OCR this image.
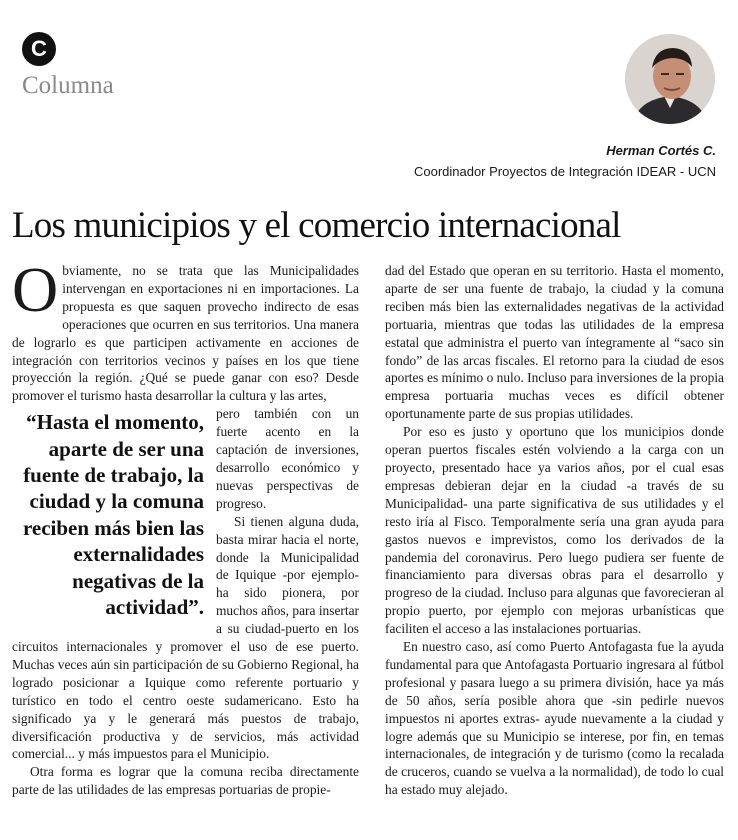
C
Columna
Herman Cortés C.
Coordinador Proyectos de Integración IDEAR - UCN
Los municipios y el comercio internacional

Obviamente, no se trata que las Municipalidades intervengan en exportaciones ni en importaciones. La propuesta es que saquen provecho indirecto de esas operaciones que ocurren en sus territorios. Una manera de lograrlo es que participen activamente en acciones de integración con territorios vecinos y países en los que tiene proyección la región. ¿Qué se puede ganar con eso? Desde promover el turismo hasta desarrollar la cultura y las artes,

“Hasta el momento, aparte de ser una fuente de trabajo, la ciudad y la comuna reciben más bien las externalidades negativas de la actividad”.

pero también con un fuerte acento en la captación de inversiones, desarrollo económico y nuevas perspectivas de progreso.

Si tienen alguna duda, basta mirar hacia el norte, donde la Municipalidad de Iquique -por ejemplo- ha sido pionera, por muchos años, para insertar a su ciudad-puerto en los circuitos internacionales y promover el uso de ese puerto. Muchas veces aún sin participación de su Gobierno Regional, ha logrado posicionar a Iquique como referente portuario y turístico en todo el centro oeste sudamericano. Esto ha significado ya y le generará más puestos de trabajo, diversificación productiva y de servicios, más actividad comercial... y más impuestos para el Municipio.

Otra forma es lograr que la comuna reciba directamente parte de las utilidades de las empresas portuarias de propie-

dad del Estado que operan en su territorio. Hasta el momento, aparte de ser una fuente de trabajo, la ciudad y la comuna reciben más bien las externalidades negativas de la actividad portuaria, mientras que todas las utilidades de la empresa estatal que administra el puerto van íntegramente al “saco sin fondo” de las arcas fiscales. El retorno para la ciudad de esos aportes es mínimo o nulo. Incluso para inversiones de la propia empresa portuaria muchas veces es difícil obtener oportunamente parte de sus propias utilidades.

Por eso es justo y oportuno que los municipios donde operan puertos fiscales estén volviendo a la carga con un proyecto, presentado hace ya varios años, por el cual esas empresas debieran dejar en la ciudad -a través de su Municipalidad- una parte significativa de sus utilidades y el resto iría al Fisco. Temporalmente sería una gran ayuda para gastos nuevos e imprevistos, como los derivados de la pandemia del coronavirus. Pero luego pudiera ser fuente de financiamiento para diversas obras para el desarrollo y progreso de la ciudad. Incluso para algunas que favorecieran al propio puerto, por ejemplo con mejoras urbanísticas que faciliten el acceso a las instalaciones portuarias.

En nuestro caso, así como Puerto Antofagasta fue la ayuda fundamental para que Antofagasta Portuario ingresara al fútbol profesional y pasara luego a su primera división, hace ya más de 50 años, sería posible ahora que -sin pedirle nuevos impuestos ni aportes extras- ayude nuevamente a la ciudad y logre además que su Municipio se interese, por fin, en temas internacionales, de integración y de turismo (como la recalada de cruceros, cuando se vuelva a la normalidad), de todo lo cual ha estado muy alejado.
